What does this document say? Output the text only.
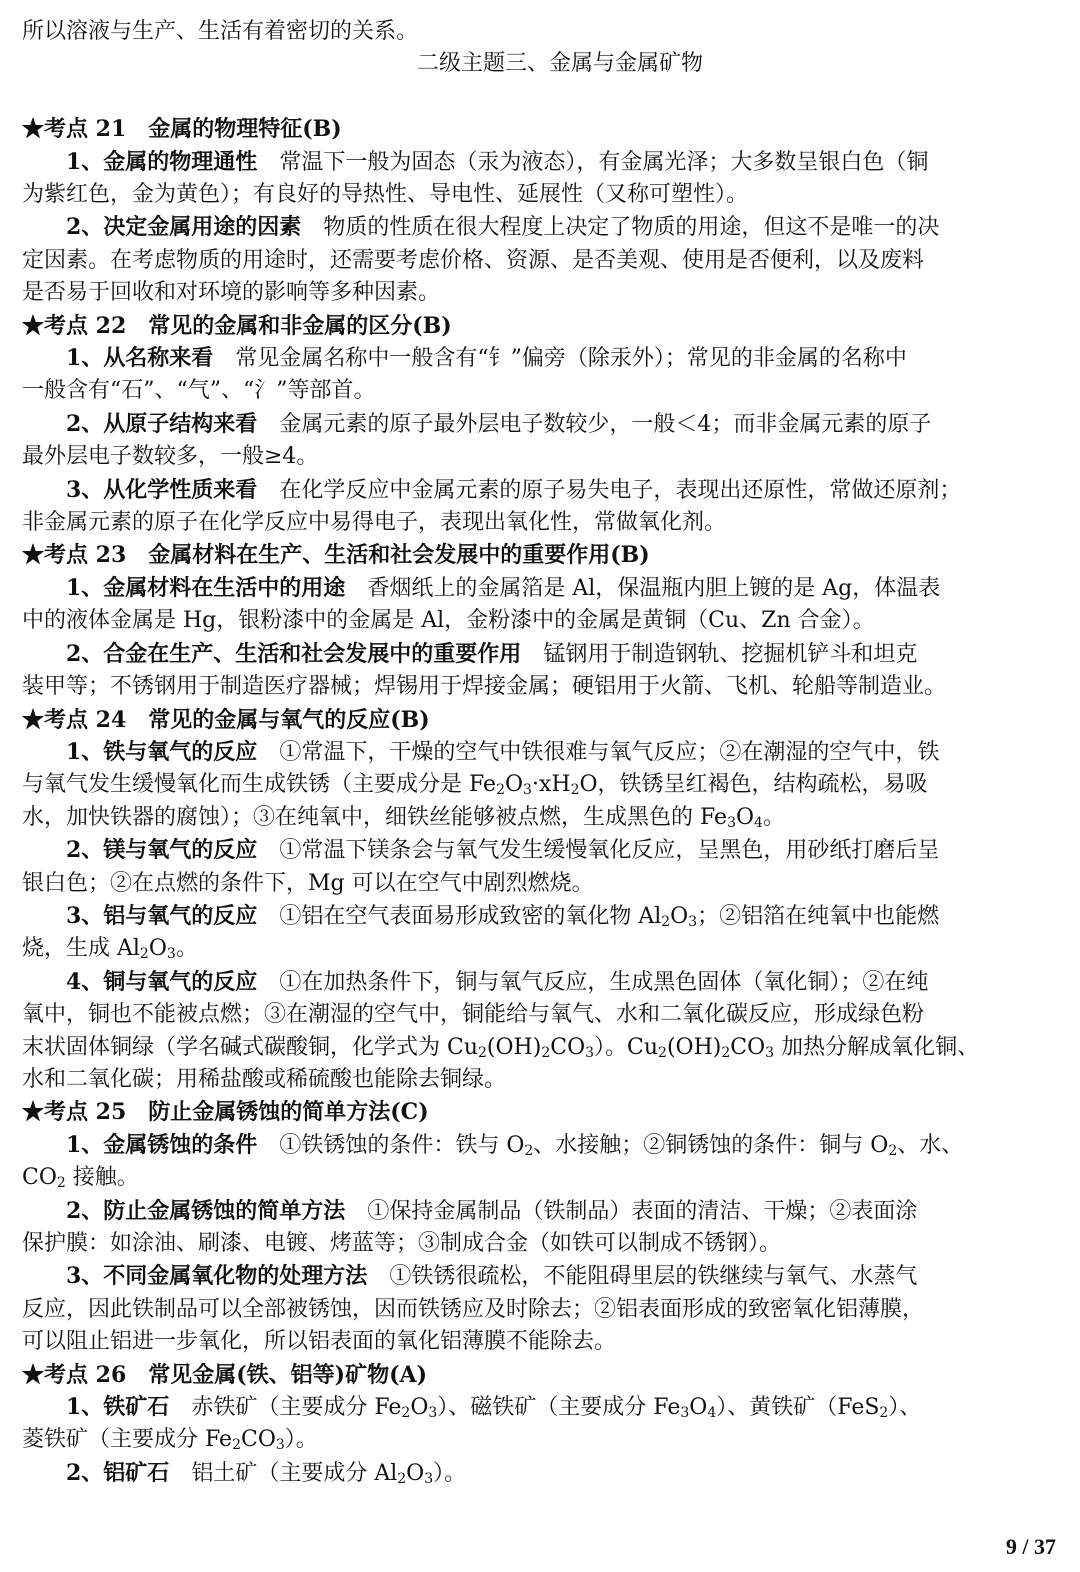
所以溶液与生产、生活有着密切的关系。
二级主题三、金属与金属矿物
★考点 21　金属的物理特征(B)
1、金属的物理通性　 常温下一般为固态（汞为液态），有金属光泽；大多数呈银白色（铜
为紫红色，金为黄色）；有良好的导热性、导电性、延展性（又称可塑性）。
2、决定金属用途的因素　 物质的性质在很大程度上决定了物质的用途，但这不是唯一的决
定因素。在考虑物质的用途时，还需要考虑价格、资源、是否美观、使用是否便利，以及废料
是否易于回收和对环境的影响等多种因素。
★考点 22　常见的金属和非金属的区分(B)
1、从名称来看　 常见金属名称中一般含有“钅”偏旁（除汞外）；常见的非金属的名称中
一般含有“石”、“气”、“氵”等部首。
2、从原子结构来看　 金属元素的原子最外层电子数较少，一般＜4；而非金属元素的原子
最外层电子数较多，一般≥4。
3、从化学性质来看　 在化学反应中金属元素的原子易失电子，表现出还原性，常做还原剂；
非金属元素的原子在化学反应中易得电子，表现出氧化性，常做氧化剂。
★考点 23　金属材料在生产、生活和社会发展中的重要作用(B)
1、金属材料在生活中的用途　 香烟纸上的金属箔是 Al，保温瓶内胆上镀的是 Ag，体温表
中的液体金属是 Hg，银粉漆中的金属是 Al，金粉漆中的金属是黄铜（Cu、Zn 合金）。
2、合金在生产、生活和社会发展中的重要作用　 锰钢用于制造钢轨、挖掘机铲斗和坦克
装甲等；不锈钢用于制造医疗器械；焊锡用于焊接金属；硬铝用于火箭、飞机、轮船等制造业。
★考点 24　常见的金属与氧气的反应(B)
1、铁与氧气的反应　 ①常温下，干燥的空气中铁很难与氧气反应；②在潮湿的空气中，铁
与氧气发生缓慢氧化而生成铁锈（主要成分是 $Fe_2O_3\cdot xH_2O$，铁锈呈红褐色，结构疏松，易吸
水，加快铁器的腐蚀）；③在纯氧中，细铁丝能够被点燃，生成黑色的 $Fe_3O_4$。
2、镁与氧气的反应　 ①常温下镁条会与氧气发生缓慢氧化反应，呈黑色，用砂纸打磨后呈
银白色；②在点燃的条件下，Mg 可以在空气中剧烈燃烧。
3、铝与氧气的反应　 ①铝在空气表面易形成致密的氧化物 $Al_2O_3$；②铝箔在纯氧中也能燃
烧，生成 $Al_2O_3$。
4、铜与氧气的反应　 ①在加热条件下，铜与氧气反应，生成黑色固体（氧化铜）；②在纯
氧中，铜也不能被点燃；③在潮湿的空气中，铜能给与氧气、水和二氧化碳反应，形成绿色粉
末状固体铜绿（学名碱式碳酸铜，化学式为 $Cu_2(OH)_2CO_3$）。$Cu_2(OH)_2CO_3$ 加热分解成氧化铜、
水和二氧化碳；用稀盐酸或稀硫酸也能除去铜绿。
★考点 25　防止金属锈蚀的简单方法(C)
1、金属锈蚀的条件　 ①铁锈蚀的条件：铁与 $O_2$、水接触；②铜锈蚀的条件：铜与 $O_2$、水、
$CO_2$ 接触。
2、防止金属锈蚀的简单方法　 ①保持金属制品（铁制品）表面的清洁、干燥；②表面涂
保护膜：如涂油、刷漆、电镀、烤蓝等；③制成合金（如铁可以制成不锈钢）。
3、不同金属氧化物的处理方法　 ①铁锈很疏松，不能阻碍里层的铁继续与氧气、水蒸气
反应，因此铁制品可以全部被锈蚀，因而铁锈应及时除去；②铝表面形成的致密氧化铝薄膜，
可以阻止铝进一步氧化，所以铝表面的氧化铝薄膜不能除去。
★考点 26　常见金属(铁、铝等)矿物(A)
1、铁矿石　 赤铁矿（主要成分 $Fe_2O_3$）、磁铁矿（主要成分 $Fe_3O_4$）、黄铁矿（FeS$_2$）、
菱铁矿（主要成分 $Fe_2CO_3$）。
2、铝矿石　 铝土矿（主要成分 $Al_2O_3$）。
9 / 37
